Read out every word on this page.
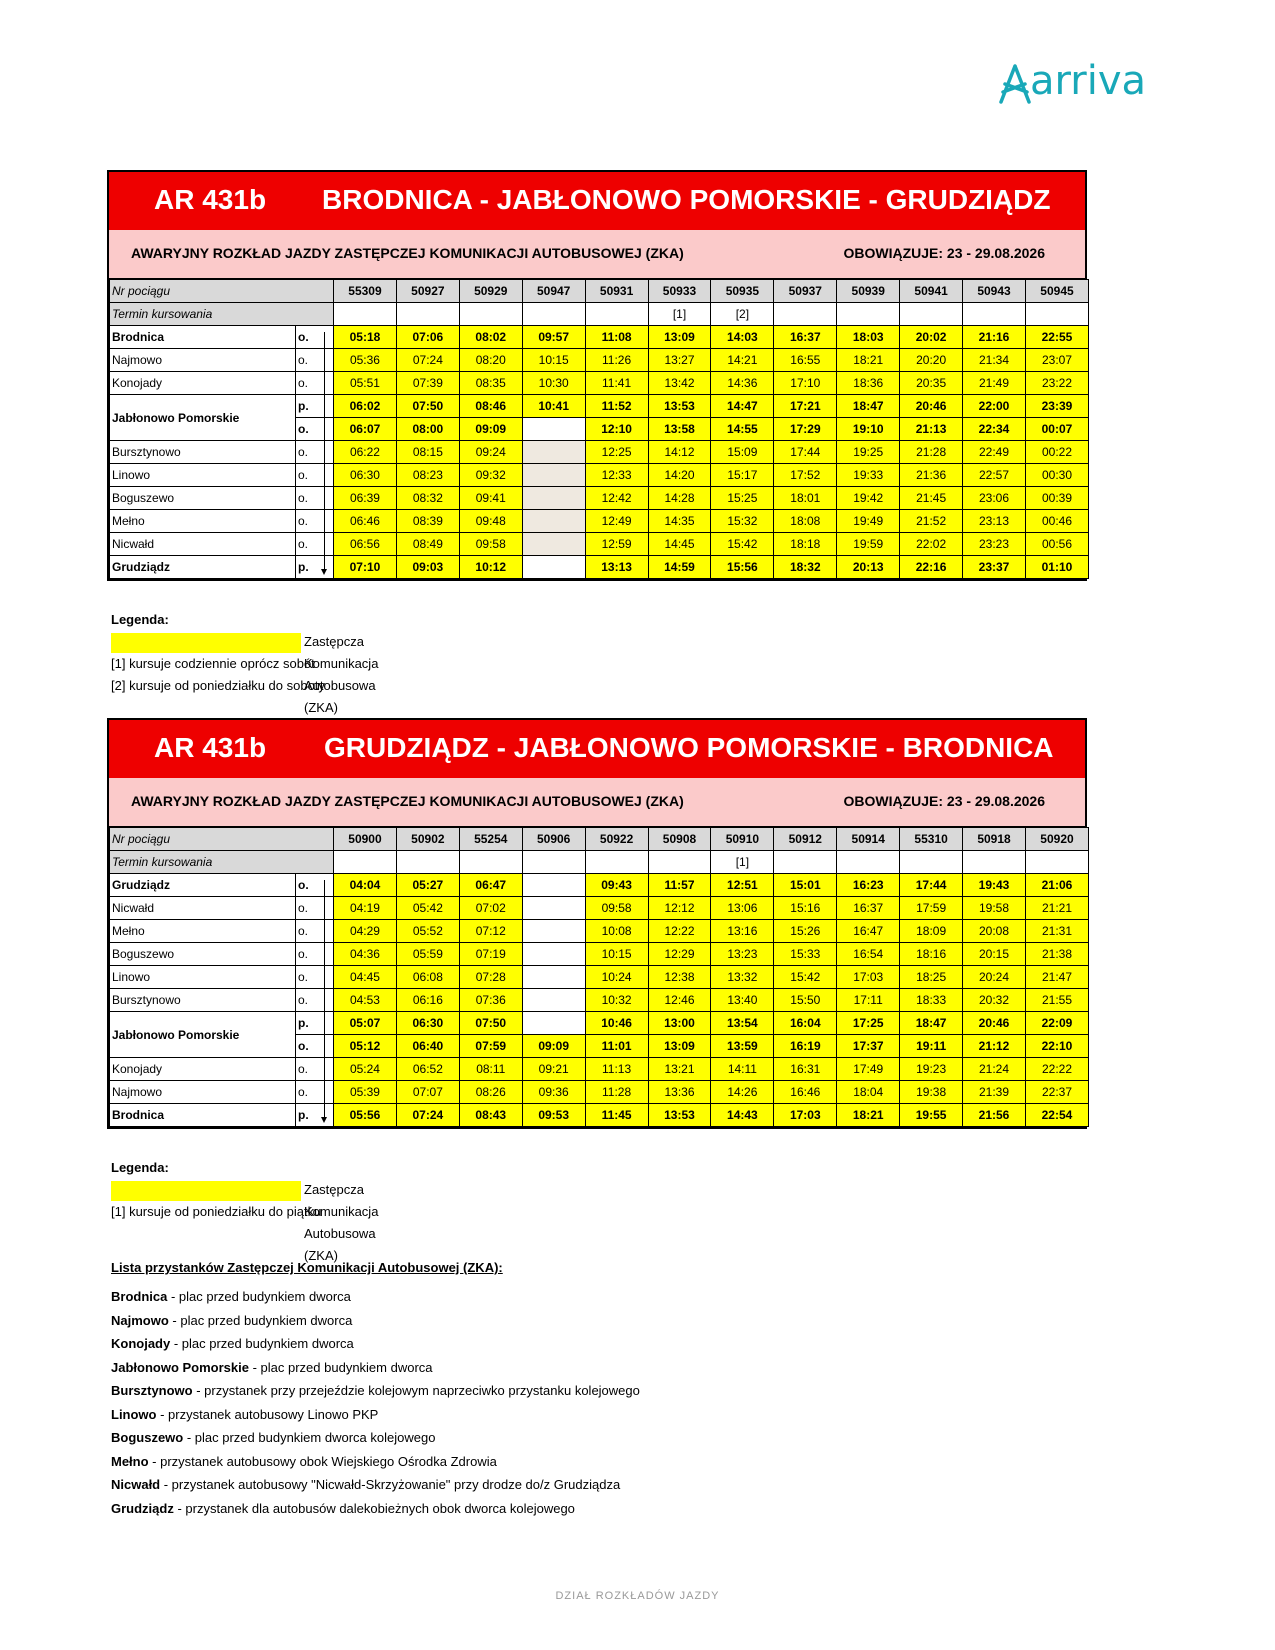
arriva
AR 431b BRODNICA - JABŁONOWO POMORSKIE - GRUDZIĄDZ
AWARYJNY ROZKŁAD JAZDY ZASTĘPCZEJ KOMUNIKACJI AUTOBUSOWEJ (ZKA)	OBOWIĄZUJE: 23 - 29.08.2026
Nr pociągu		55309	50927	50929	50947	50931	50933	50935	50937	50939	50941	50943	50945
Termin kursowania							[1]	[2]					
Brodnica	o.	05:18	07:06	08:02	09:57	11:08	13:09	14:03	16:37	18:03	20:02	21:16	22:55
Najmowo	o.	05:36	07:24	08:20	10:15	11:26	13:27	14:21	16:55	18:21	20:20	21:34	23:07
Konojady	o.	05:51	07:39	08:35	10:30	11:41	13:42	14:36	17:10	18:36	20:35	21:49	23:22
Jabłonowo Pomorskie	p.	06:02	07:50	08:46	10:41	11:52	13:53	14:47	17:21	18:47	20:46	22:00	23:39
	o.	06:07	08:00	09:09		12:10	13:58	14:55	17:29	19:10	21:13	22:34	00:07
Bursztynowo	o.	06:22	08:15	09:24		12:25	14:12	15:09	17:44	19:25	21:28	22:49	00:22
Linowo	o.	06:30	08:23	09:32		12:33	14:20	15:17	17:52	19:33	21:36	22:57	00:30
Boguszewo	o.	06:39	08:32	09:41		12:42	14:28	15:25	18:01	19:42	21:45	23:06	00:39
Mełno	o.	06:46	08:39	09:48		12:49	14:35	15:32	18:08	19:49	21:52	23:13	00:46
Nicwałd	o.	06:56	08:49	09:58		12:59	14:45	15:42	18:18	19:59	22:02	23:23	00:56
Grudziądz	p.	07:10	09:03	10:12		13:13	14:59	15:56	18:32	20:13	22:16	23:37	01:10
Legenda:
Zastępcza Komunikacja Autobusowa (ZKA)
[1] kursuje codziennie oprócz sobót
[2] kursuje od poniedziałku do soboty
AR 431b GRUDZIĄDZ - JABŁONOWO POMORSKIE - BRODNICA
AWARYJNY ROZKŁAD JAZDY ZASTĘPCZEJ KOMUNIKACJI AUTOBUSOWEJ (ZKA)	OBOWIĄZUJE: 23 - 29.08.2026
Nr pociągu		50900	50902	55254	50906	50922	50908	50910	50912	50914	55310	50918	50920
Termin kursowania								[1]					
Grudziądz	o.	04:04	05:27	06:47		09:43	11:57	12:51	15:01	16:23	17:44	19:43	21:06
Nicwałd	o.	04:19	05:42	07:02		09:58	12:12	13:06	15:16	16:37	17:59	19:58	21:21
Mełno	o.	04:29	05:52	07:12		10:08	12:22	13:16	15:26	16:47	18:09	20:08	21:31
Boguszewo	o.	04:36	05:59	07:19		10:15	12:29	13:23	15:33	16:54	18:16	20:15	21:38
Linowo	o.	04:45	06:08	07:28		10:24	12:38	13:32	15:42	17:03	18:25	20:24	21:47
Bursztynowo	o.	04:53	06:16	07:36		10:32	12:46	13:40	15:50	17:11	18:33	20:32	21:55
Jabłonowo Pomorskie	p.	05:07	06:30	07:50		10:46	13:00	13:54	16:04	17:25	18:47	20:46	22:09
	o.	05:12	06:40	07:59	09:09	11:01	13:09	13:59	16:19	17:37	19:11	21:12	22:10
Konojady	o.	05:24	06:52	08:11	09:21	11:13	13:21	14:11	16:31	17:49	19:23	21:24	22:22
Najmowo	o.	05:39	07:07	08:26	09:36	11:28	13:36	14:26	16:46	18:04	19:38	21:39	22:37
Brodnica	p.	05:56	07:24	08:43	09:53	11:45	13:53	14:43	17:03	18:21	19:55	21:56	22:54
Legenda:
Zastępcza Komunikacja Autobusowa (ZKA)
[1] kursuje od poniedziałku do piątku
Lista przystanków Zastępczej Komunikacji Autobusowej (ZKA):
Brodnica - plac przed budynkiem dworca
Najmowo - plac przed budynkiem dworca
Konojady - plac przed budynkiem dworca
Jabłonowo Pomorskie - plac przed budynkiem dworca
Bursztynowo - przystanek przy przejeździe kolejowym naprzeciwko przystanku kolejowego
Linowo - przystanek autobusowy Linowo PKP
Boguszewo - plac przed budynkiem dworca kolejowego
Mełno - przystanek autobusowy obok Wiejskiego Ośrodka Zdrowia
Nicwałd - przystanek autobusowy "Nicwałd-Skrzyżowanie" przy drodze do/z Grudziądza
Grudziądz - przystanek dla autobusów dalekobieżnych obok dworca kolejowego
DZIAŁ ROZKŁADÓW JAZDY
